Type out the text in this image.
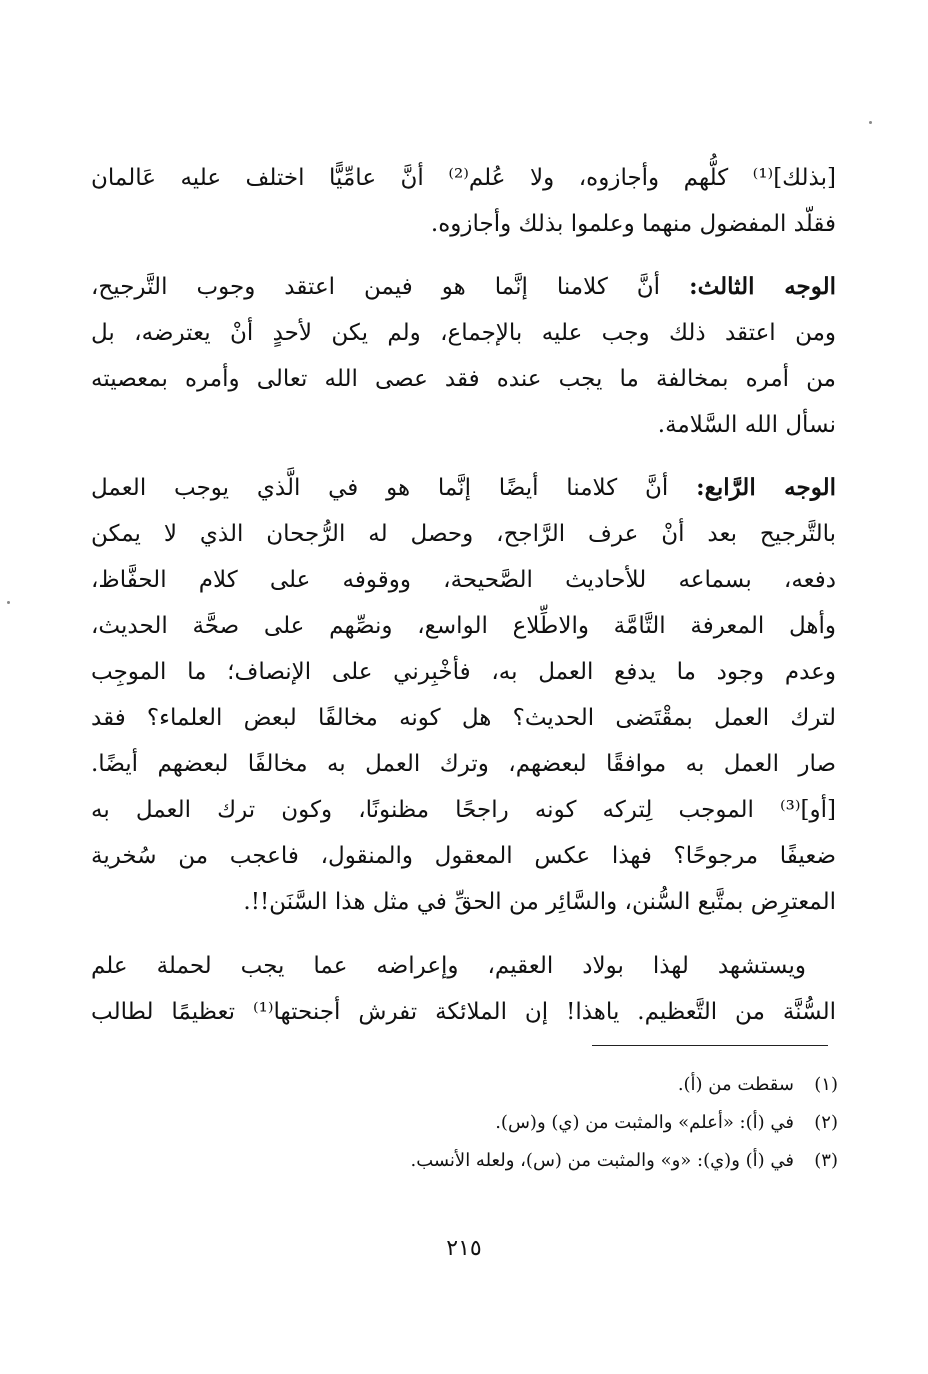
[بذلك]⁽¹⁾ كلُّهم وأجازوه، ولا عُلم⁽²⁾ أنَّ عامِّيًّا اختلف عليه عَالمان
فقلّد المفضول منهما وعلموا بذلك وأجازوه.
الوجه الثالث: أنَّ كلامنا إنَّما هو فيمن اعتقد وجوب التَّرجيح،
ومن اعتقد ذلك وجب عليه بالإجماع، ولم يكن لأحدٍ أنْ يعترضه، بل
من أمره بمخالفة ما يجب عنده فقد عصى الله تعالى وأمره بمعصيته
نسأل الله السَّلامة.
الوجه الرَّابع: أنَّ كلامنا أيضًا إنَّما هو في الَّذي يوجب العمل
بالتَّرجيح بعد أنْ عرف الرَّاجح، وحصل له الرُّجحان الذي لا يمكن
دفعه، بسماعه للأحاديث الصَّحيحة، ووقوفه على كلام الحفَّاظ،
وأهل المعرفة التَّامَّة والاطِّلاع الواسع، ونصِّهم على صحَّة الحديث،
وعدم وجود ما يدفع العمل به، فأخْبِرني على الإنصاف؛ ما الموجِب
لترك العمل بمقْتَضى الحديث؟ هل كونه مخالفًا لبعض العلماء؟ فقد
صار العمل به موافقًا لبعضهم، وترك العمل به مخالفًا لبعضهم أيضًا.
[أو]⁽³⁾ الموجب لِتركه كونه راجحًا مظنونًا، وكون ترك العمل به
ضعيفًا مرجوحًا؟ فهذا عكس المعقول والمنقول، فاعجب من سُخرية
المعترِض بمتَّبع السُّنن، والسَّائِر من الحقِّ في مثل هذا السَّنَن!!.
ويستشهد لهذا بولاد العقيم، وإعراضه عما يجب لحملة علم
السُّنَّة من التَّعظيم. ياهذا! إن الملائكة تفرش أجنحتها⁽¹⁾ تعظيمًا لطالب
(١)سقطت من (أ).
(٢)في (أ): «أعلم» والمثبت من (ي) و(س).
(٣)في (أ) و(ي): «و» والمثبت من (س)، ولعله الأنسب.
٢١٥
